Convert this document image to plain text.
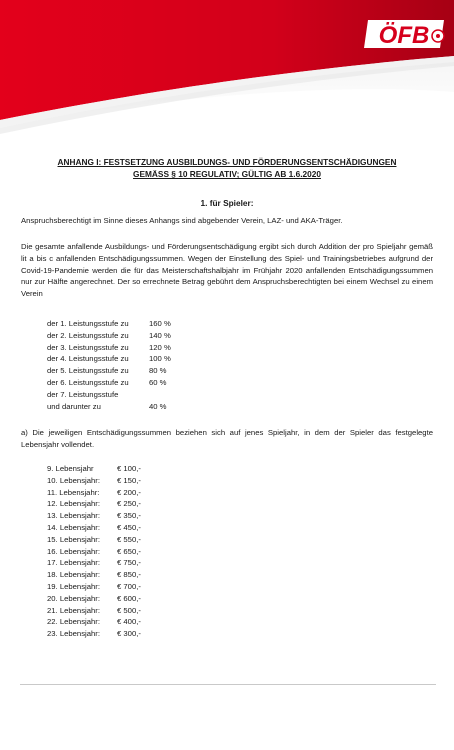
ÖFB
ANHANG I: FESTSETZUNG AUSBILDUNGS- UND FÖRDERUNGSENTSCHÄDIGUNGEN
GEMÄSS § 10 REGULATIV; GÜLTIG AB 1.6.2020
1. für Spieler:

Anspruchsberechtigt im Sinne dieses Anhangs sind abgebender Verein, LAZ- und AKA-Träger.

Die gesamte anfallende Ausbildungs- und Förderungsentschädigung ergibt sich durch Addition der pro Spieljahr gemäß lit a bis c anfallenden Entschädigungssummen. Wegen der Einstellung des Spiel- und Trainingsbetriebes aufgrund der Covid-19-Pandemie werden die für das Meisterschaftshalbjahr im Frühjahr 2020 anfallenden Entschädigungssummen nur zur Hälfte angerechnet. Der so errechnete Betrag gebührt dem Anspruchsberechtigten bei einem Wechsel zu einem Verein

der 1. Leistungsstufe zu	160 %
der 2. Leistungsstufe zu	140 %
der 3. Leistungsstufe zu	120 %
der 4. Leistungsstufe zu	100 %
der 5. Leistungsstufe zu	80 %
der 6. Leistungsstufe zu	60 %
der 7. Leistungsstufe
und darunter zu	40 %

a) Die jeweiligen Entschädigungssummen beziehen sich auf jenes Spieljahr, in dem der Spieler das festgelegte Lebensjahr vollendet.

9. Lebensjahr	€ 100,-
10. Lebensjahr: € 150,-
11. Lebensjahr: € 200,-
12. Lebensjahr: € 250,-
13. Lebensjahr: € 350,-
14. Lebensjahr: € 450,-
15. Lebensjahr: € 550,-
16. Lebensjahr: € 650,-
17. Lebensjahr: € 750,-
18. Lebensjahr: € 850,-
19. Lebensjahr: € 700,-
20. Lebensjahr: € 600,-
21. Lebensjahr: € 500,-
22. Lebensjahr: € 400,-
23. Lebensjahr: € 300,-
